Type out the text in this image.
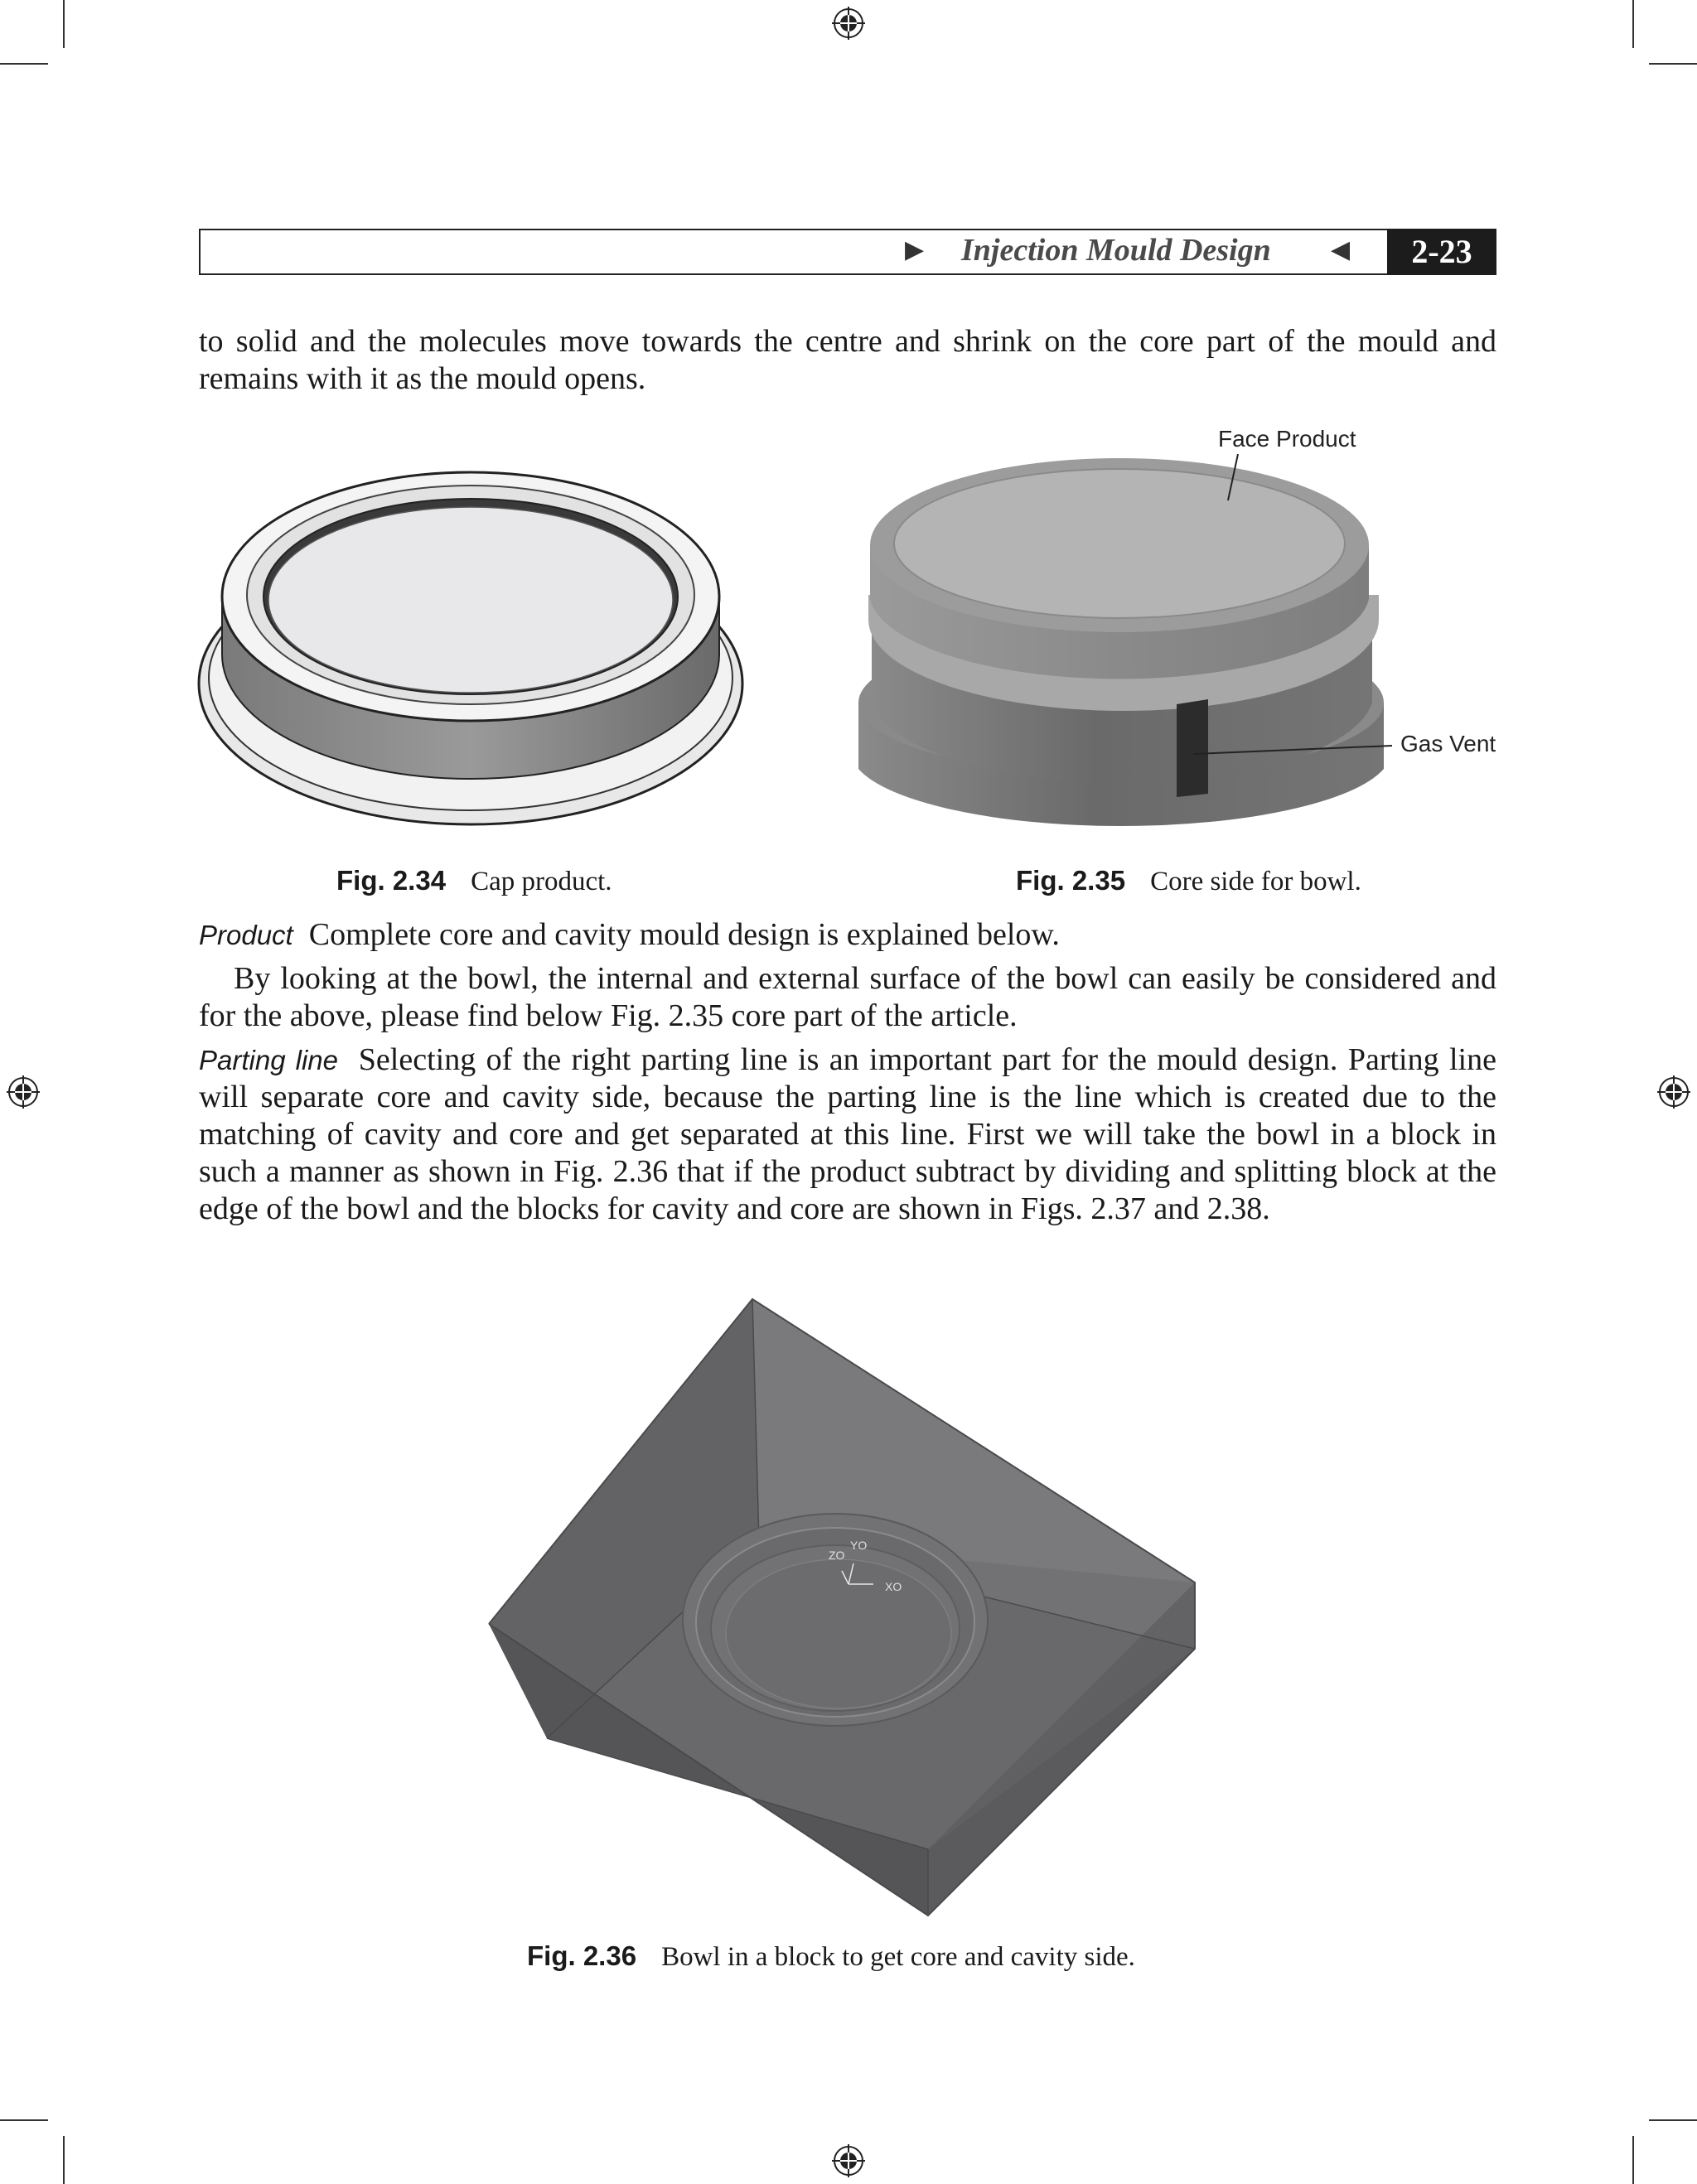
▶ Injection Mould Design ◀	2-23

to solid and the molecules move towards the centre and shrink on the core part of the mould and remains with it as the mould opens.

Fig. 2.34 Cap product.
Face Product
Gas Vent
Fig. 2.35 Core side for bowl.

Product Complete core and cavity mould design is explained below.

By looking at the bowl, the internal and external surface of the bowl can easily be considered and for the above, please find below Fig. 2.35 core part of the article.

Parting line Selecting of the right parting line is an important part for the mould design. Parting line will separate core and cavity side, because the parting line is the line which is created due to the matching of cavity and core and get separated at this line. First we will take the bowl in a block in such a manner as shown in Fig. 2.36 that if the product subtract by dividing and splitting block at the edge of the bowl and the blocks for cavity and core are shown in Figs. 2.37 and 2.38.

YO
ZO
XO
Fig. 2.36 Bowl in a block to get core and cavity side.
